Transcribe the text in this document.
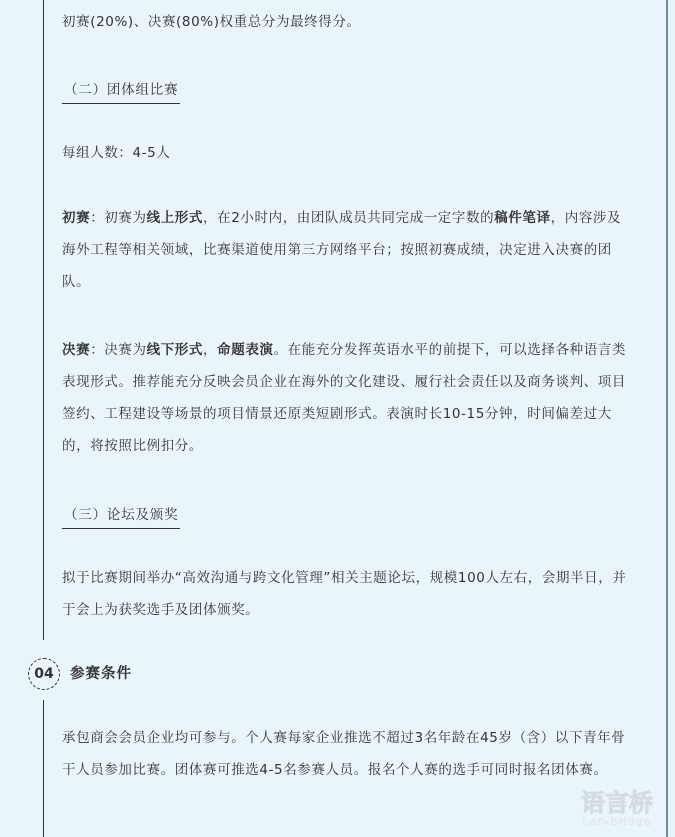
初赛(20%)、决赛(80%)权重总分为最终得分。

（二）团体组比赛

每组人数：4-5人

初赛：初赛为线上形式，在2小时内，由团队成员共同完成一定字数的稿件笔译，内容涉及海外工程等相关领域，比赛渠道使用第三方网络平台；按照初赛成绩，决定进入决赛的团队。

决赛：决赛为线下形式，命题表演。在能充分发挥英语水平的前提下，可以选择各种语言类表现形式。推荐能充分反映会员企业在海外的文化建设、履行社会责任以及商务谈判、项目签约、工程建设等场景的项目情景还原类短剧形式。表演时长10-15分钟，时间偏差过大的，将按照比例扣分。

（三）论坛及颁奖

拟于比赛期间举办“高效沟通与跨文化管理”相关主题论坛，规模100人左右，会期半日，并于会上为获奖选手及团体颁奖。

04	参赛条件

承包商会会员企业均可参与。个人赛每家企业推选不超过3名年龄在45岁（含）以下青年骨干人员参加比赛。团体赛可推选4-5名参赛人员。报名个人赛的选手可同时报名团体赛。

语言桥
Lan-bridge
